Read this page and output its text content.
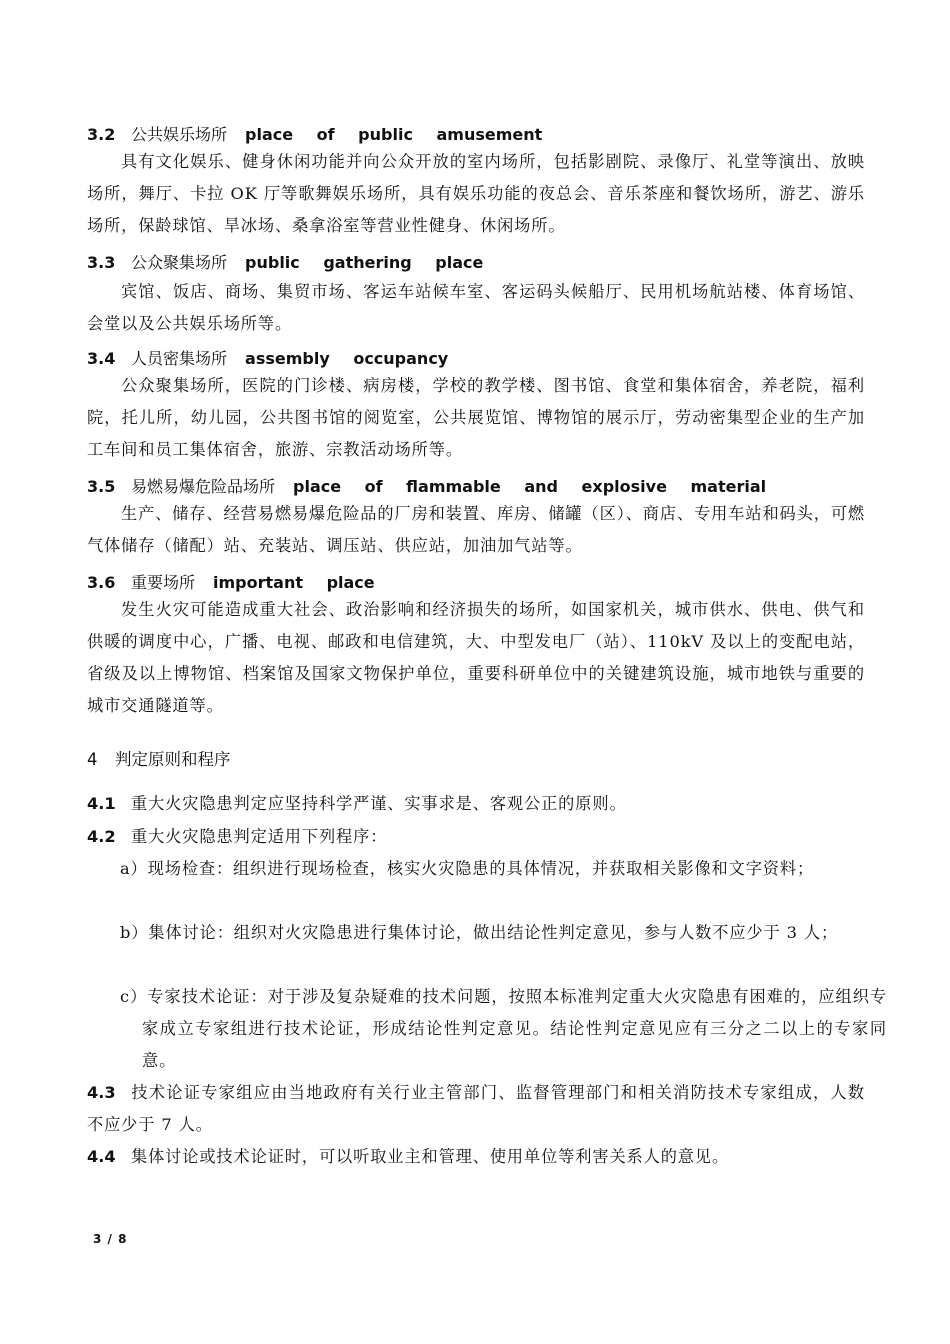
3.2 公共娱乐场所 place of public amusement
具有文化娱乐、健身休闲功能并向公众开放的室内场所，包括影剧院、录像厅、礼堂等演出、放映场所，舞厅、卡拉 OK 厅等歌舞娱乐场所，具有娱乐功能的夜总会、音乐茶座和餐饮场所，游艺、游乐场所，保龄球馆、旱冰场、桑拿浴室等营业性健身、休闲场所。
3.3 公众聚集场所 public gathering place
宾馆、饭店、商场、集贸市场、客运车站候车室、客运码头候船厅、民用机场航站楼、体育场馆、会堂以及公共娱乐场所等。
3.4 人员密集场所 assembly occupancy
公众聚集场所，医院的门诊楼、病房楼，学校的教学楼、图书馆、食堂和集体宿舍，养老院，福利院，托儿所，幼儿园，公共图书馆的阅览室，公共展览馆、博物馆的展示厅，劳动密集型企业的生产加工车间和员工集体宿舍，旅游、宗教活动场所等。
3.5 易燃易爆危险品场所 place of flammable and explosive material
生产、储存、经营易燃易爆危险品的厂房和装置、库房、储罐（区）、商店、专用车站和码头，可燃气体储存（储配）站、充装站、调压站、供应站，加油加气站等。
3.6 重要场所 important place
发生火灾可能造成重大社会、政治影响和经济损失的场所，如国家机关，城市供水、供电、供气和供暖的调度中心，广播、电视、邮政和电信建筑，大、中型发电厂（站）、110kV 及以上的变配电站，省级及以上博物馆、档案馆及国家文物保护单位，重要科研单位中的关键建筑设施，城市地铁与重要的城市交通隧道等。
4 判定原则和程序
4.1 重大火灾隐患判定应坚持科学严谨、实事求是、客观公正的原则。
4.2 重大火灾隐患判定适用下列程序：
a）现场检查：组织进行现场检查，核实火灾隐患的具体情况，并获取相关影像和文字资料；
b）集体讨论：组织对火灾隐患进行集体讨论，做出结论性判定意见，参与人数不应少于 3 人；
c）专家技术论证：对于涉及复杂疑难的技术问题，按照本标准判定重大火灾隐患有困难的，应组织专家成立专家组进行技术论证，形成结论性判定意见。结论性判定意见应有三分之二以上的专家同意。
4.3 技术论证专家组应由当地政府有关行业主管部门、监督管理部门和相关消防技术专家组成，人数不应少于 7 人。
4.4 集体讨论或技术论证时，可以听取业主和管理、使用单位等利害关系人的意见。
3 / 8
